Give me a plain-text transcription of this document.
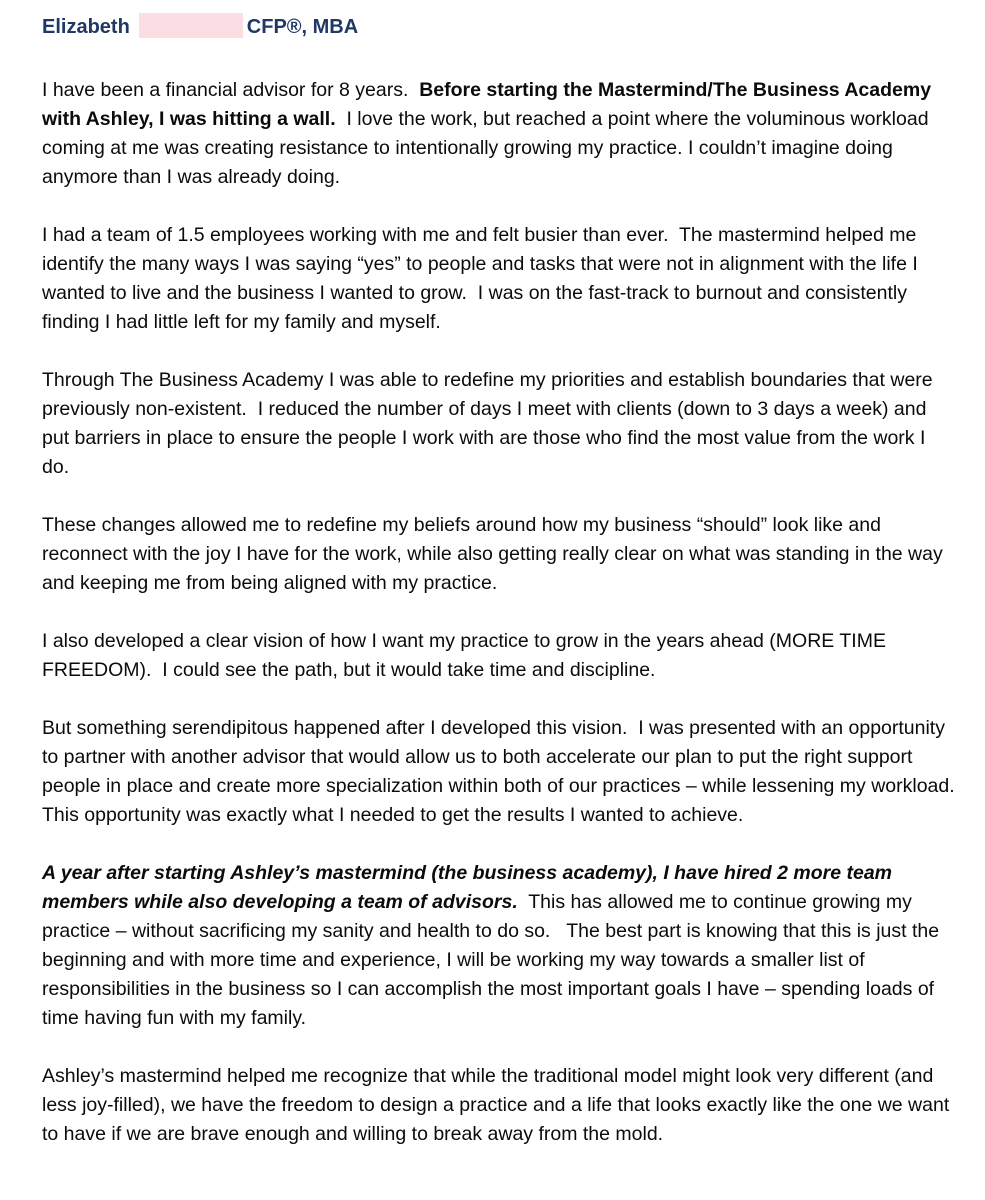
Elizabeth	CFP®, MBA

I have been a financial advisor for 8 years.  Before starting the Mastermind/The Business Academy with Ashley, I was hitting a wall.  I love the work, but reached a point where the voluminous workload coming at me was creating resistance to intentionally growing my practice. I couldn’t imagine doing anymore than I was already doing.

I had a team of 1.5 employees working with me and felt busier than ever.  The mastermind helped me identify the many ways I was saying “yes” to people and tasks that were not in alignment with the life I wanted to live and the business I wanted to grow.  I was on the fast-track to burnout and consistently finding I had little left for my family and myself.

Through The Business Academy I was able to redefine my priorities and establish boundaries that were previously non-existent.  I reduced the number of days I meet with clients (down to 3 days a week) and put barriers in place to ensure the people I work with are those who find the most value from the work I do.

These changes allowed me to redefine my beliefs around how my business “should” look like and reconnect with the joy I have for the work, while also getting really clear on what was standing in the way and keeping me from being aligned with my practice.

I also developed a clear vision of how I want my practice to grow in the years ahead (MORE TIME FREEDOM).  I could see the path, but it would take time and discipline.

But something serendipitous happened after I developed this vision.  I was presented with an opportunity to partner with another advisor that would allow us to both accelerate our plan to put the right support people in place and create more specialization within both of our practices – while lessening my workload.  This opportunity was exactly what I needed to get the results I wanted to achieve.

A year after starting Ashley’s mastermind (the business academy), I have hired 2 more team members while also developing a team of advisors.  This has allowed me to continue growing my practice – without sacrificing my sanity and health to do so.   The best part is knowing that this is just the beginning and with more time and experience, I will be working my way towards a smaller list of responsibilities in the business so I can accomplish the most important goals I have – spending loads of time having fun with my family.

Ashley’s mastermind helped me recognize that while the traditional model might look very different (and less joy-filled), we have the freedom to design a practice and a life that looks exactly like the one we want to have if we are brave enough and willing to break away from the mold.
